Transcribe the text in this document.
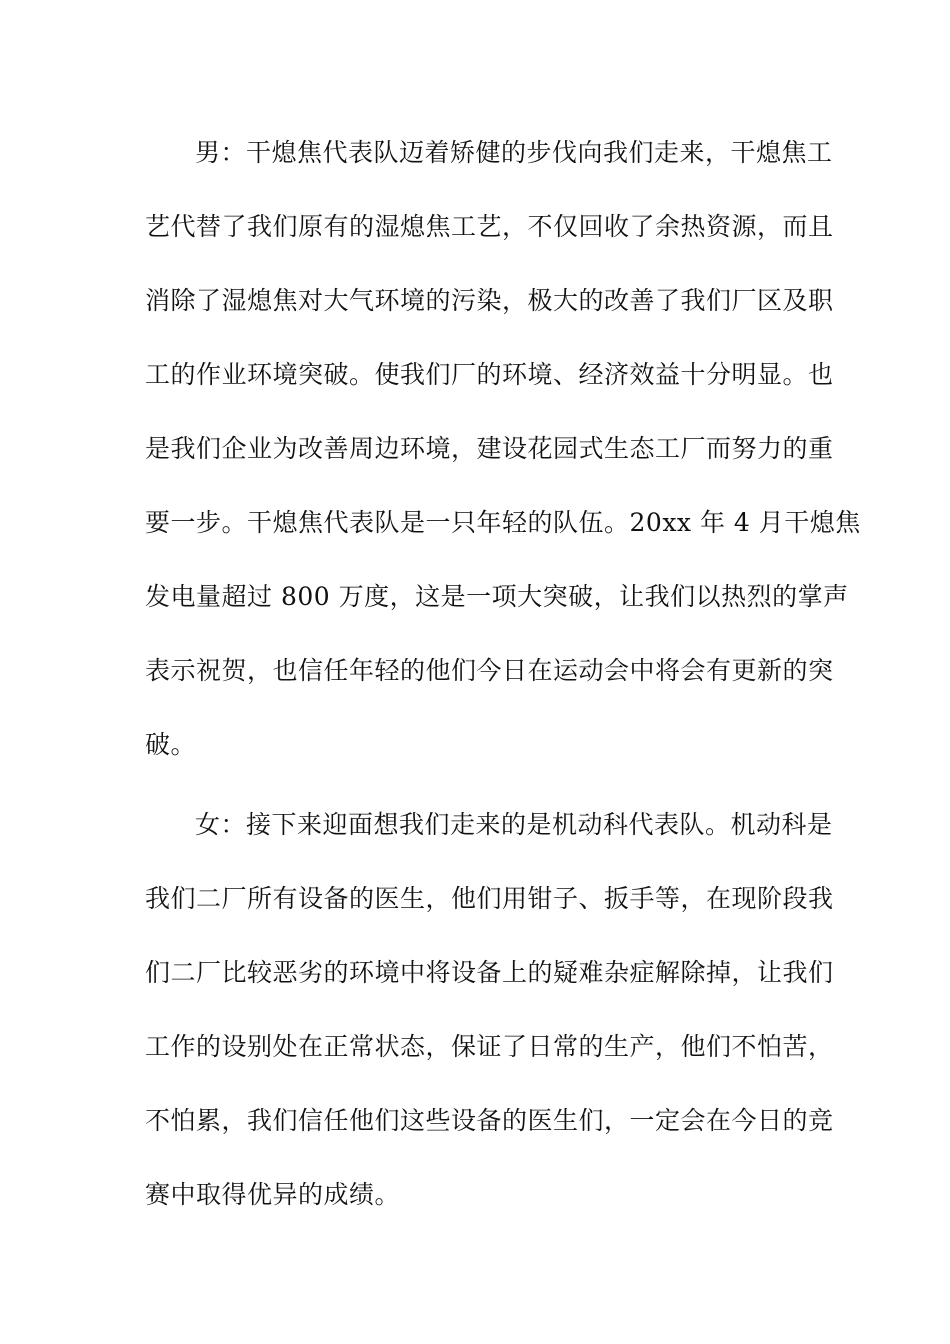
男：干熄焦代表队迈着矫健的步伐向我们走来，干熄焦工
艺代替了我们原有的湿熄焦工艺，不仅回收了余热资源，而且
消除了湿熄焦对大气环境的污染，极大的改善了我们厂区及职
工的作业环境突破。使我们厂的环境、经济效益十分明显。也
是我们企业为改善周边环境，建设花园式生态工厂而努力的重
要一步。干熄焦代表队是一只年轻的队伍。20xx 年 4 月干熄焦
发电量超过 800 万度，这是一项大突破，让我们以热烈的掌声
表示祝贺，也信任年轻的他们今日在运动会中将会有更新的突
破。
女：接下来迎面想我们走来的是机动科代表队。机动科是
我们二厂所有设备的医生，他们用钳子、扳手等，在现阶段我
们二厂比较恶劣的环境中将设备上的疑难杂症解除掉，让我们
工作的设别处在正常状态，保证了日常的生产，他们不怕苦，
不怕累，我们信任他们这些设备的医生们，一定会在今日的竞
赛中取得优异的成绩。
